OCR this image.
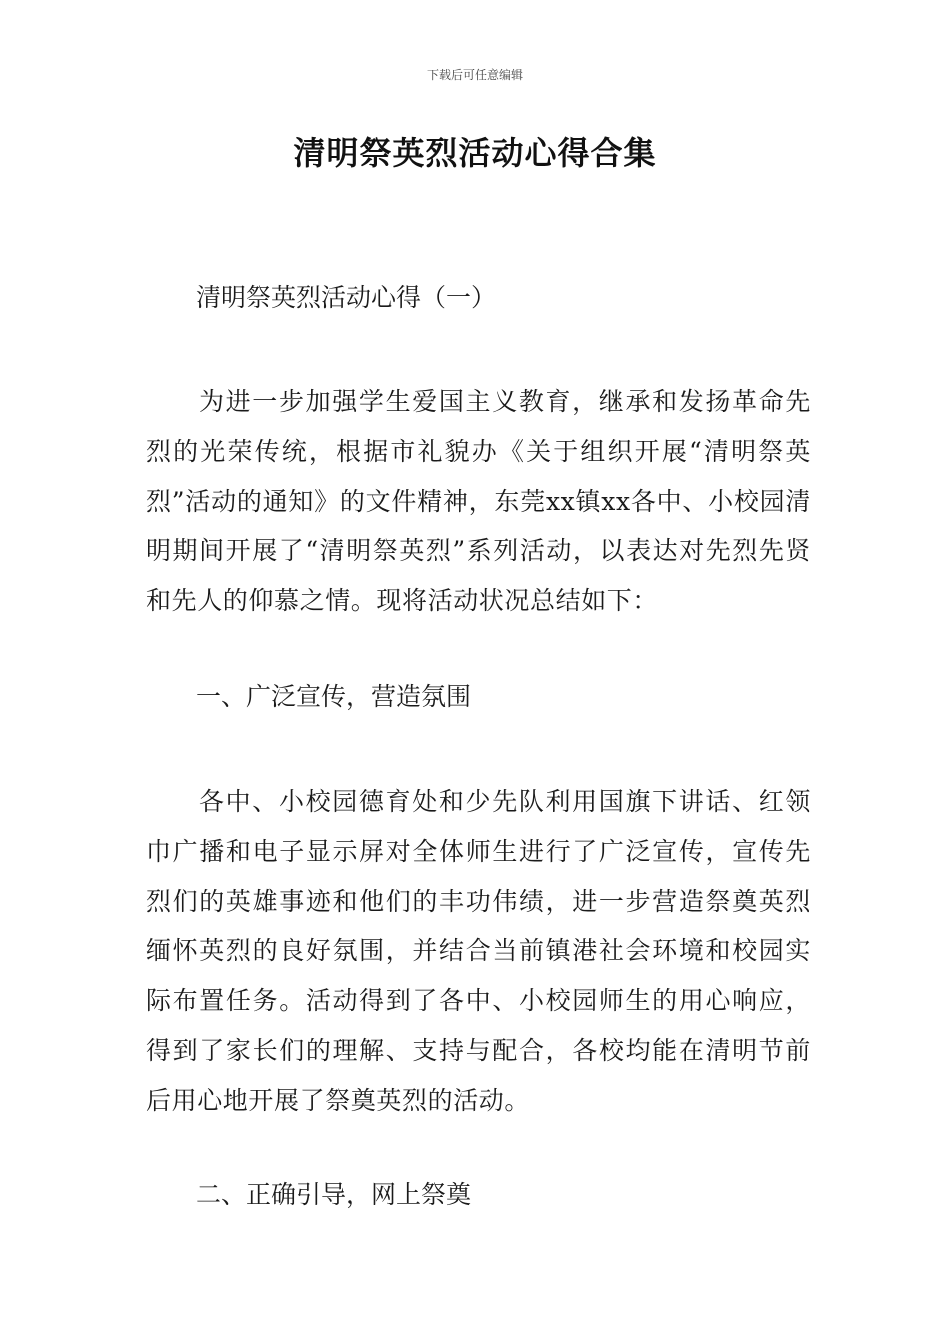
下载后可任意编辑
清明祭英烈活动心得合集
清明祭英烈活动心得（一）
为进一步加强学生爱国主义教育，继承和发扬革命先烈的光荣传统，根据市礼貌办《关于组织开展“清明祭英烈”活动的通知》的文件精神，东莞xx镇xx各中、小校园清明期间开展了“清明祭英烈”系列活动，以表达对先烈先贤和先人的仰慕之情。现将活动状况总结如下：
一、广泛宣传，营造氛围
各中、小校园德育处和少先队利用国旗下讲话、红领巾广播和电子显示屏对全体师生进行了广泛宣传，宣传先烈们的英雄事迹和他们的丰功伟绩，进一步营造祭奠英烈缅怀英烈的良好氛围，并结合当前镇港社会环境和校园实际布置任务。活动得到了各中、小校园师生的用心响应，得到了家长们的理解、支持与配合，各校均能在清明节前后用心地开展了祭奠英烈的活动。
二、正确引导，网上祭奠
